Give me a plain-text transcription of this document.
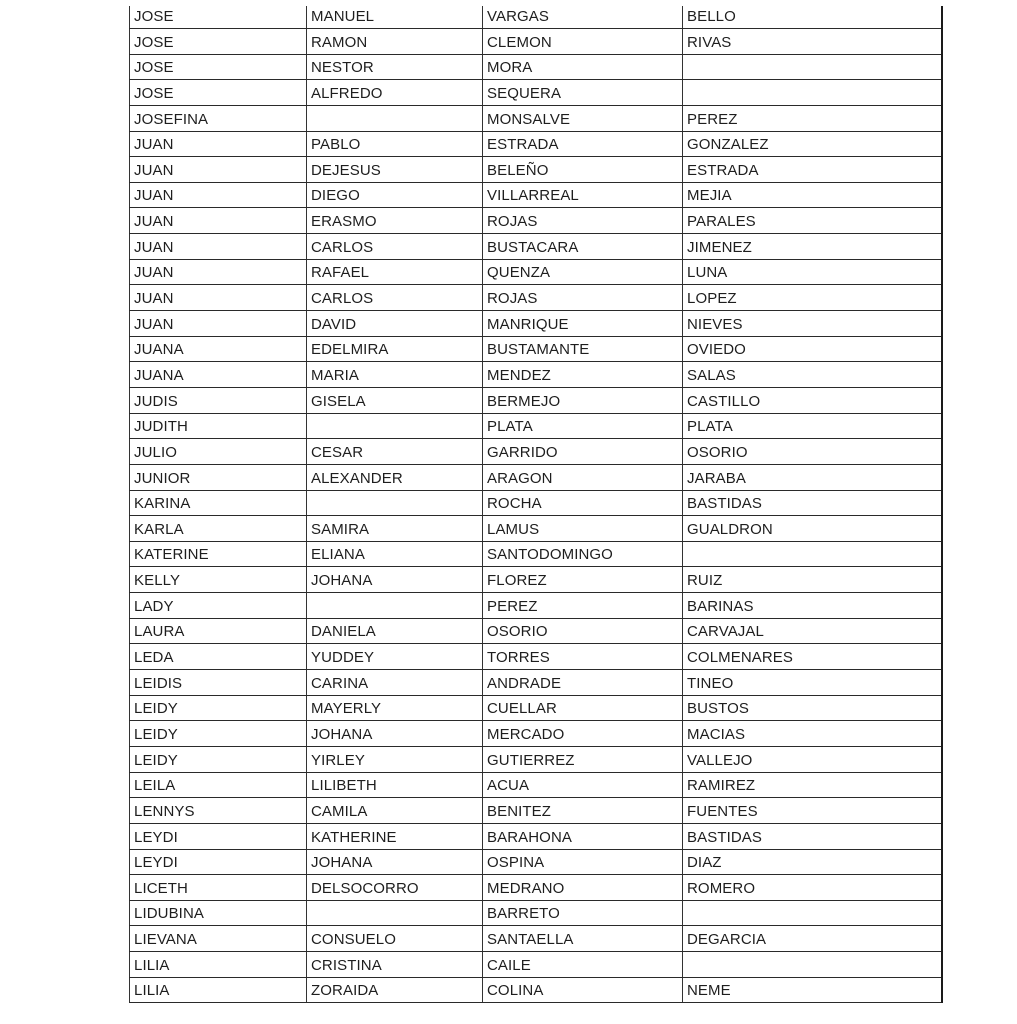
JOSE	MANUEL	VARGAS	BELLO
JOSE	RAMON	CLEMON	RIVAS
JOSE	NESTOR	MORA	
JOSE	ALFREDO	SEQUERA	
JOSEFINA		MONSALVE	PEREZ
JUAN	PABLO	ESTRADA	GONZALEZ
JUAN	DEJESUS	BELEÑO	ESTRADA
JUAN	DIEGO	VILLARREAL	MEJIA
JUAN	ERASMO	ROJAS	PARALES
JUAN	CARLOS	BUSTACARA	JIMENEZ
JUAN	RAFAEL	QUENZA	LUNA
JUAN	CARLOS	ROJAS	LOPEZ
JUAN	DAVID	MANRIQUE	NIEVES
JUANA	EDELMIRA	BUSTAMANTE	OVIEDO
JUANA	MARIA	MENDEZ	SALAS
JUDIS	GISELA	BERMEJO	CASTILLO
JUDITH		PLATA	PLATA
JULIO	CESAR	GARRIDO	OSORIO
JUNIOR	ALEXANDER	ARAGON	JARABA
KARINA		ROCHA	BASTIDAS
KARLA	SAMIRA	LAMUS	GUALDRON
KATERINE	ELIANA	SANTODOMINGO	
KELLY	JOHANA	FLOREZ	RUIZ
LADY		PEREZ	BARINAS
LAURA	DANIELA	OSORIO	CARVAJAL
LEDA	YUDDEY	TORRES	COLMENARES
LEIDIS	CARINA	ANDRADE	TINEO
LEIDY	MAYERLY	CUELLAR	BUSTOS
LEIDY	JOHANA	MERCADO	MACIAS
LEIDY	YIRLEY	GUTIERREZ	VALLEJO
LEILA	LILIBETH	ACUA	RAMIREZ
LENNYS	CAMILA	BENITEZ	FUENTES
LEYDI	KATHERINE	BARAHONA	BASTIDAS
LEYDI	JOHANA	OSPINA	DIAZ
LICETH	DELSOCORRO	MEDRANO	ROMERO
LIDUBINA		BARRETO	
LIEVANA	CONSUELO	SANTAELLA	DEGARCIA
LILIA	CRISTINA	CAILE	
LILIA	ZORAIDA	COLINA	NEME
